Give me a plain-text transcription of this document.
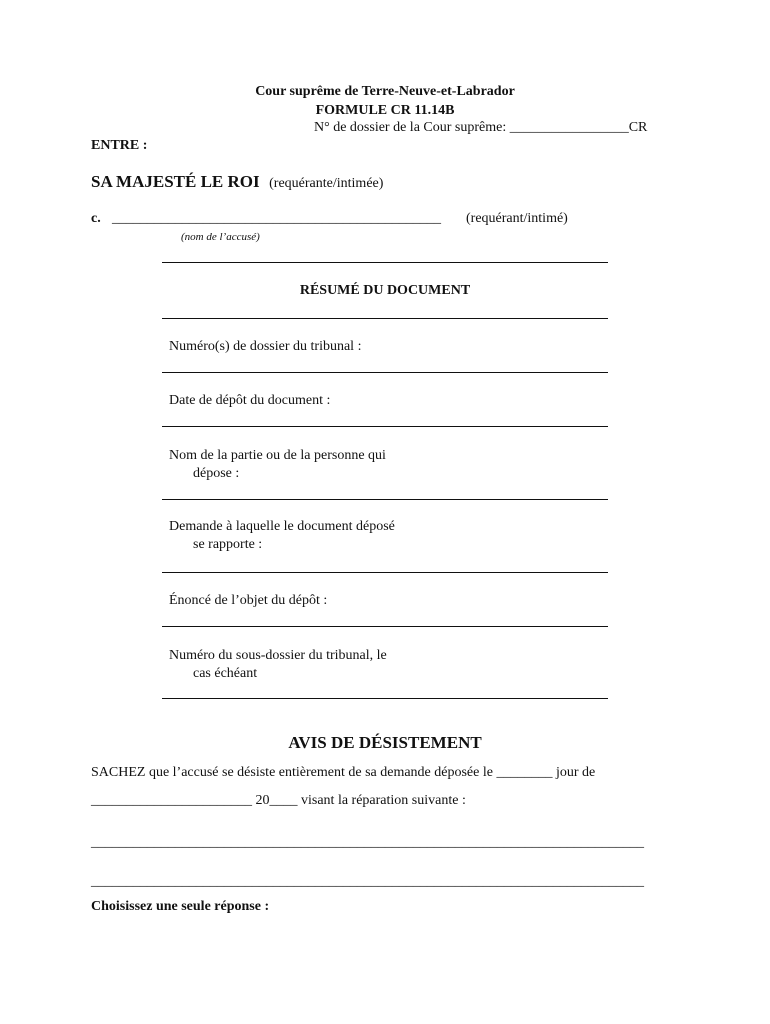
Cour suprême de Terre-Neuve-et-Labrador
FORMULE CR 11.14B
N° de dossier de la Cour suprême: _________________CR
ENTRE :
SA MAJESTÉ LE ROI (requérante/intimée)
c. _______________________________________________ (requérant/intimé)
(nom de l’accusé)
RÉSUMÉ DU DOCUMENT
Numéro(s) de dossier du tribunal :
Date de dépôt du document :
Nom de la partie ou de la personne qui
dépose :
Demande à laquelle le document déposé
se rapporte :
Énoncé de l’objet du dépôt :
Numéro du sous-dossier du tribunal, le
cas échéant
AVIS DE DÉSISTEMENT
SACHEZ que l’accusé se désiste entièrement de sa demande déposée le ________ jour de
_______________________ 20____ visant la réparation suivante :
_______________________________________________________________________________
_______________________________________________________________________________
Choisissez une seule réponse :
